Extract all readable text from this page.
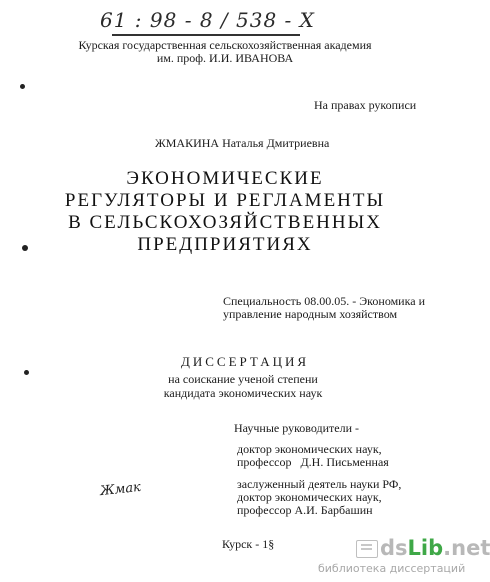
61 : 98 - 8 / 538 - X
Курская государственная сельскохозяйственная академия
им. проф. И.И. ИВАНОВА
На правах рукописи
ЖМАКИНА Наталья Дмитриевна
ЭКОНОМИЧЕСКИЕ
РЕГУЛЯТОРЫ И РЕГЛАМЕНТЫ
В СЕЛЬСКОХОЗЯЙСТВЕННЫХ
ПРЕДПРИЯТИЯХ
Специальность 08.00.05. - Экономика и
управление народным хозяйством
ДИССЕРТАЦИЯ
на соискание ученой степени
кандидата экономических наук
Научные руководители -
доктор экономических наук,
профессор   Д.Н. Письменная
заслуженный деятель науки РФ,
доктор экономических наук,
профессор А.И. Барбашин
Жмак
Курск - 1§	dsLib.net
библиотека диссертаций
